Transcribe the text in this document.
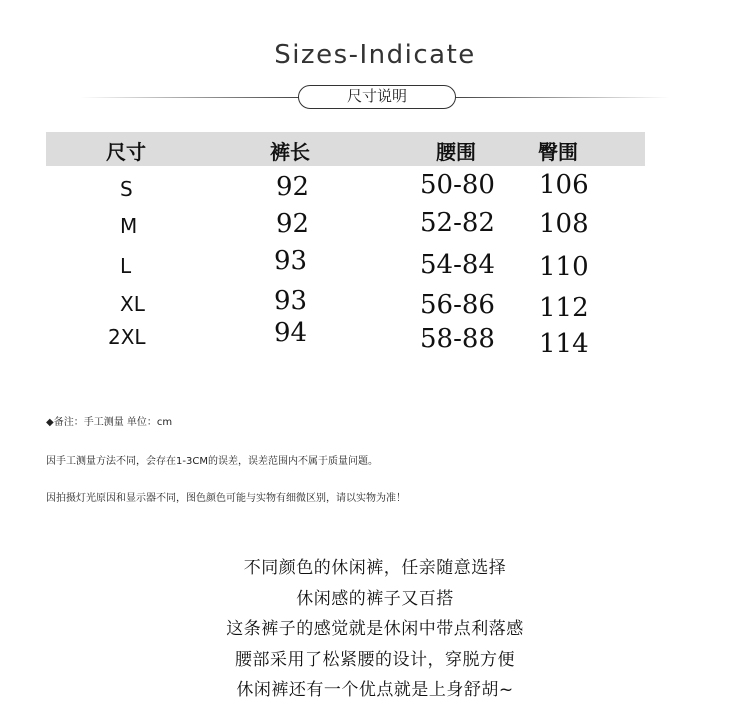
Sizes-Indicate
尺寸说明
尺寸	裤长	腰围	臀围
S	92	50-80 106
M	92	52-82 108
L	93	54-84 110
XL	93	56-86 112
2XL	94	58-88 114
◆备注：手工测量 单位：cm
因手工测量方法不同，会存在1-3CM的误差，误差范围内不属于质量问题。
因拍摄灯光原因和显示器不同，图色颜色可能与实物有细微区别，请以实物为准！
不同颜色的休闲裤，任亲随意选择
休闲感的裤子又百搭
这条裤子的感觉就是休闲中带点利落感
腰部采用了松紧腰的设计，穿脱方便
休闲裤还有一个优点就是上身舒胡~
